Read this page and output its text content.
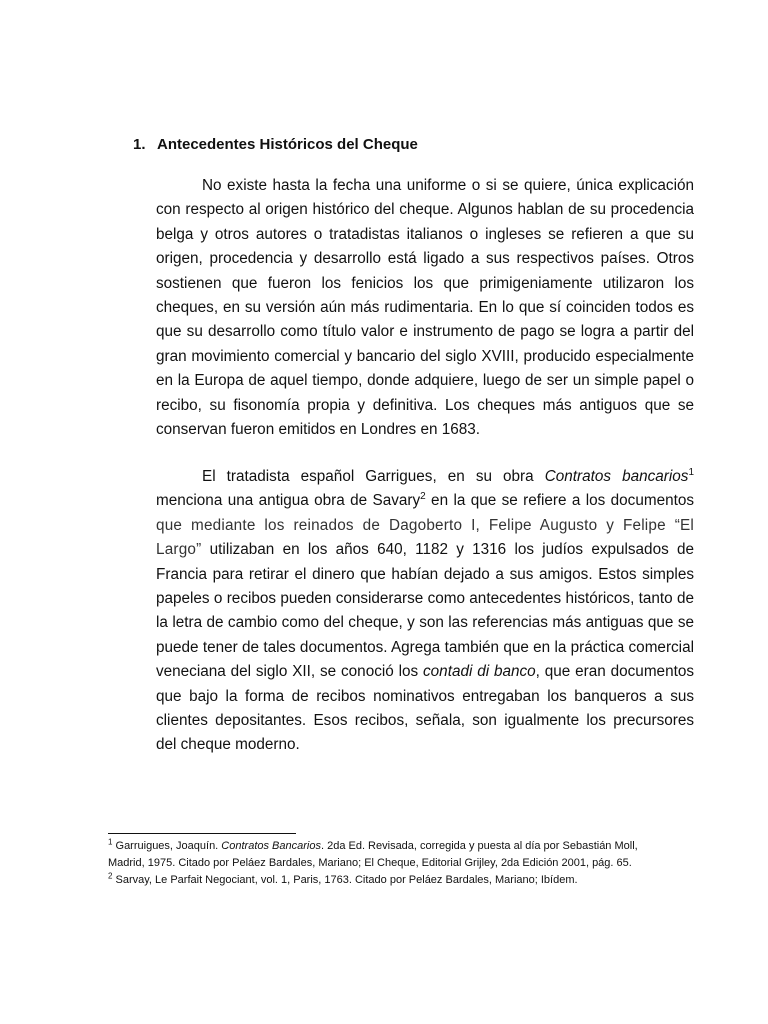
1. Antecedentes Históricos del Cheque

No existe hasta la fecha una uniforme o si se quiere, única explicación con respecto al origen histórico del cheque. Algunos hablan de su procedencia belga y otros autores o tratadistas italianos o ingleses se refieren a que su origen, procedencia y desarrollo está ligado a sus respectivos países. Otros sostienen que fueron los fenicios los que primigeniamente utilizaron los cheques, en su versión aún más rudimentaria. En lo que sí coinciden todos es que su desarrollo como título valor e instrumento de pago se logra a partir del gran movimiento comercial y bancario del siglo XVIII, producido especialmente en la Europa de aquel tiempo, donde adquiere, luego de ser un simple papel o recibo, su fisonomía propia y definitiva. Los cheques más antiguos que se conservan fueron emitidos en Londres en 1683.

El tratadista español Garrigues, en su obra Contratos bancarios$^1$ menciona una antigua obra de Savary$^2$ en la que se refiere a los documentos que mediante los reinados de Dagoberto I, Felipe Augusto y Felipe “El Largo” utilizaban en los años 640, 1182 y 1316 los judíos expulsados de Francia para retirar el dinero que habían dejado a sus amigos. Estos simples papeles o recibos pueden considerarse como antecedentes históricos, tanto de la letra de cambio como del cheque, y son las referencias más antiguas que se puede tener de tales documentos. Agrega también que en la práctica comercial veneciana del siglo XII, se conoció los contadi di banco, que eran documentos que bajo la forma de recibos nominativos entregaban los banqueros a sus clientes depositantes. Esos recibos, señala, son igualmente los precursores del cheque moderno.

$^1$ Garruigues, Joaquín. Contratos Bancarios. 2da Ed. Revisada, corregida y puesta al día por Sebastián Moll, Madrid, 1975. Citado por Peláez Bardales, Mariano; El Cheque, Editorial Grijley, 2da Edición 2001, pág. 65.

$^2$ Sarvay, Le Parfait Negociant, vol. 1, Paris, 1763. Citado por Peláez Bardales, Mariano; Ibídem.
